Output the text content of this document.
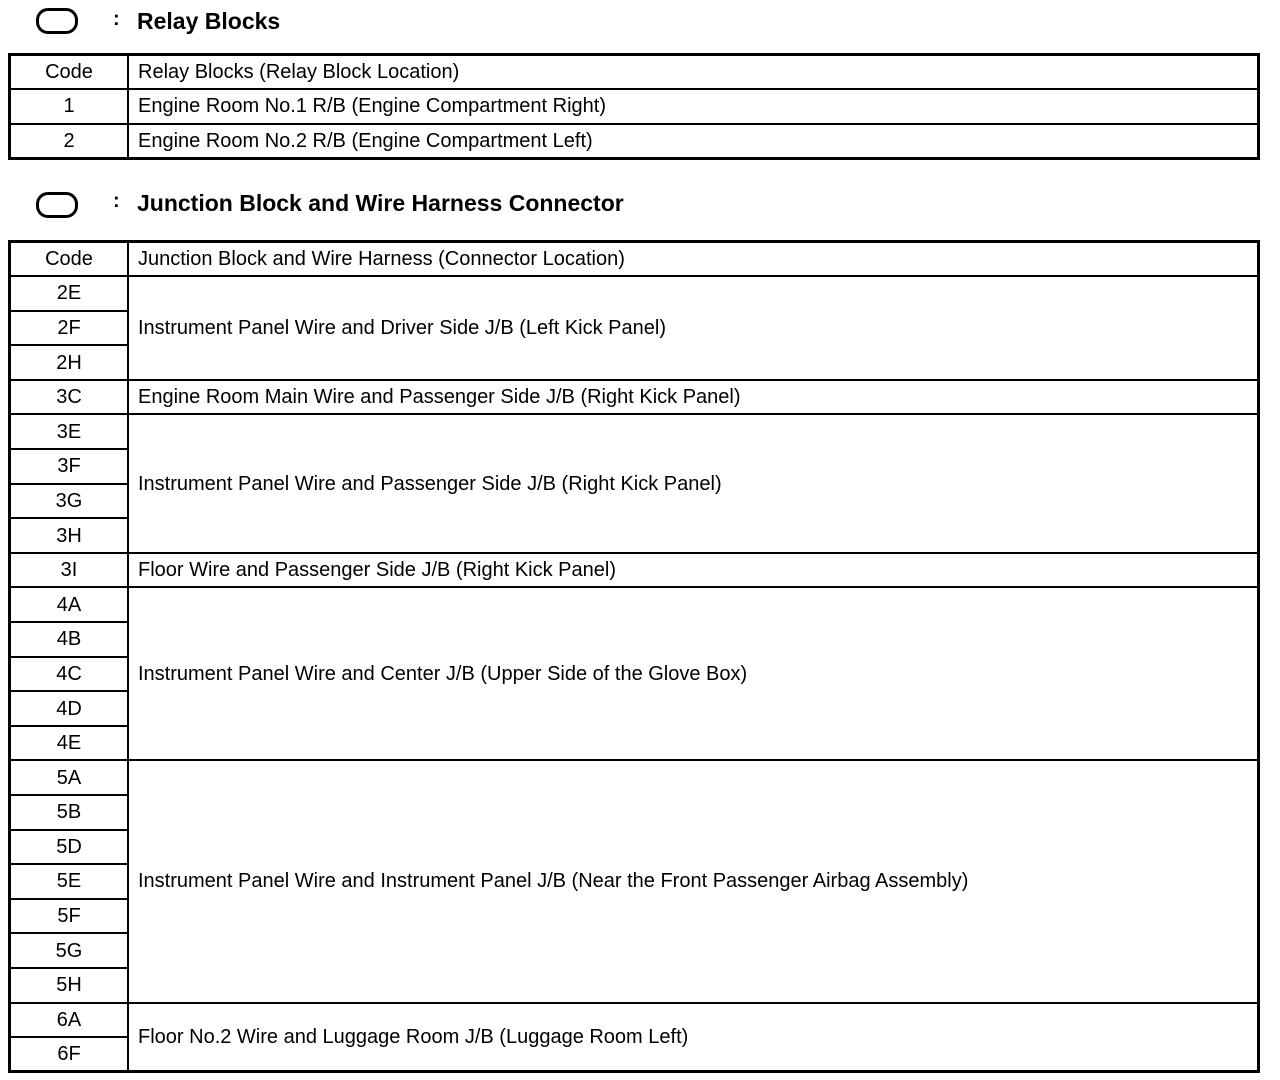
: Relay Blocks
Code	Relay Blocks (Relay Block Location)
1	Engine Room No.1 R/B (Engine Compartment Right)
2	Engine Room No.2 R/B (Engine Compartment Left)
: Junction Block and Wire Harness Connector
Code	Junction Block and Wire Harness (Connector Location)
2E	Instrument Panel Wire and Driver Side J/B (Left Kick Panel)
2F	
2H	
3C	Engine Room Main Wire and Passenger Side J/B (Right Kick Panel)
3E	Instrument Panel Wire and Passenger Side J/B (Right Kick Panel)
3F	
3G	
3H	
3I	Floor Wire and Passenger Side J/B (Right Kick Panel)
4A	Instrument Panel Wire and Center J/B (Upper Side of the Glove Box)
4B	
4C	
4D	
4E	
5A	Instrument Panel Wire and Instrument Panel J/B (Near the Front Passenger Airbag Assembly)
5B	
5D	
5E	
5F	
5G	
5H	
6A	Floor No.2 Wire and Luggage Room J/B (Luggage Room Left)
6F	
